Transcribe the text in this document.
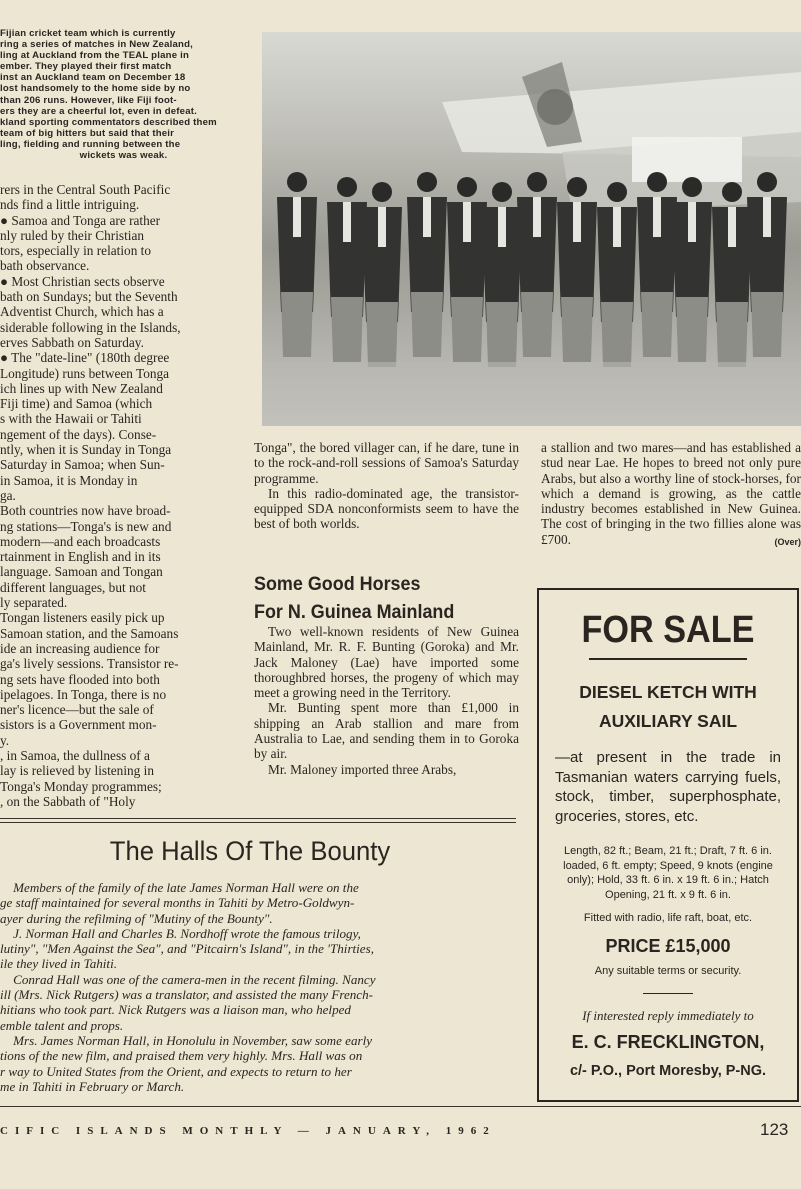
Fijian cricket team which is currently
ring a series of matches in New Zealand,
ling at Auckland from the TEAL plane in
ember. They played their first match
inst an Auckland team on December 18
lost handsomely to the home side by no
than 206 runs. However, like Fiji foot-
ers they are a cheerful lot, even in defeat.
kland sporting commentators described them
team of big hitters but said that their
ling, fielding and running between the
wickets was weak.
rers in the Central South Pacific
nds find a little intriguing.
● Samoa and Tonga are rather
nly ruled by their Christian
tors, especially in relation to
bath observance.
● Most Christian sects observe
bath on Sundays; but the Seventh
Adventist Church, which has a
siderable following in the Islands,
erves Sabbath on Saturday.
● The "date-line" (180th degree
Longitude) runs between Tonga
ich lines up with New Zealand
Fiji time) and Samoa (which
s with the Hawaii or Tahiti
ngement of the days). Conse-
ntly, when it is Sunday in Tonga
Saturday in Samoa; when Sun-
in Samoa, it is Monday in
ga.
Both countries now have broad-
ng stations—Tonga's is new and
modern—and each broadcasts
rtainment in English and in its
language. Samoan and Tongan
different languages, but not
ly separated.
Tongan listeners easily pick up
Samoan station, and the Samoans
ide an increasing audience for
ga's lively sessions. Transistor re-
ng sets have flooded into both
ipelagoes. In Tonga, there is no
ner's licence—but the sale of
sistors is a Government mon-
y.
, in Samoa, the dullness of a
lay is relieved by listening in
Tonga's Monday programmes;
, on the Sabbath of "Holy

Tonga", the bored villager can, if he dare, tune in to the rock-and-roll sessions of Samoa's Saturday programme.

In this radio-dominated age, the transistor-equipped SDA nonconformists seem to have the best of both worlds.

Some Good Horses
For N. Guinea Mainland

Two well-known residents of New Guinea Mainland, Mr. R. F. Bunting (Goroka) and Mr. Jack Maloney (Lae) have imported some thoroughbred horses, the progeny of which may meet a growing need in the Territory.

Mr. Bunting spent more than £1,000 in shipping an Arab stallion and mare from Australia to Lae, and sending them in to Goroka by air.

Mr. Maloney imported three Arabs,

a stallion and two mares—and has established a stud near Lae. He hopes to breed not only pure Arabs, but also a worthy line of stock-horses, for which a demand is growing, as the cattle industry becomes established in New Guinea. The cost of bringing in the two fillies alone was £700.	(Over)

The Halls Of The Bounty
Members of the family of the late James Norman Hall were on the
ge staff maintained for several months in Tahiti by Metro-Goldwyn-
ayer during the refilming of "Mutiny of the Bounty".
J. Norman Hall and Charles B. Nordhoff wrote the famous trilogy,
lutiny", "Men Against the Sea", and "Pitcairn's Island", in the 'Thirties,
ile they lived in Tahiti.
Conrad Hall was one of the camera-men in the recent filming. Nancy
ill (Mrs. Nick Rutgers) was a translator, and assisted the many French-
hitians who took part. Nick Rutgers was a liaison man, who helped
emble talent and props.
Mrs. James Norman Hall, in Honolulu in November, saw some early
tions of the new film, and praised them very highly. Mrs. Hall was on
r way to United States from the Orient, and expects to return to her
me in Tahiti in February or March.
FOR SALE
DIESEL KETCH WITH
AUXILIARY SAIL
—at present in the trade in Tasmanian waters carrying fuels, stock, timber, superphosphate, groceries, stores, etc.
Length, 82 ft.; Beam, 21 ft.; Draft, 7 ft. 6 in. loaded, 6 ft. empty; Speed, 9 knots (engine only); Hold, 33 ft. 6 in. x 19 ft. 6 in.; Hatch Opening, 21 ft. x 9 ft. 6 in.
Fitted with radio, life raft, boat, etc.
PRICE £15,000
Any suitable terms or security.
If interested reply immediately to
E. C. FRECKLINGTON,
c/- P.O., Port Moresby, P-NG.
CIFIC ISLANDS MONTHLY — JANUARY, 1962	123
